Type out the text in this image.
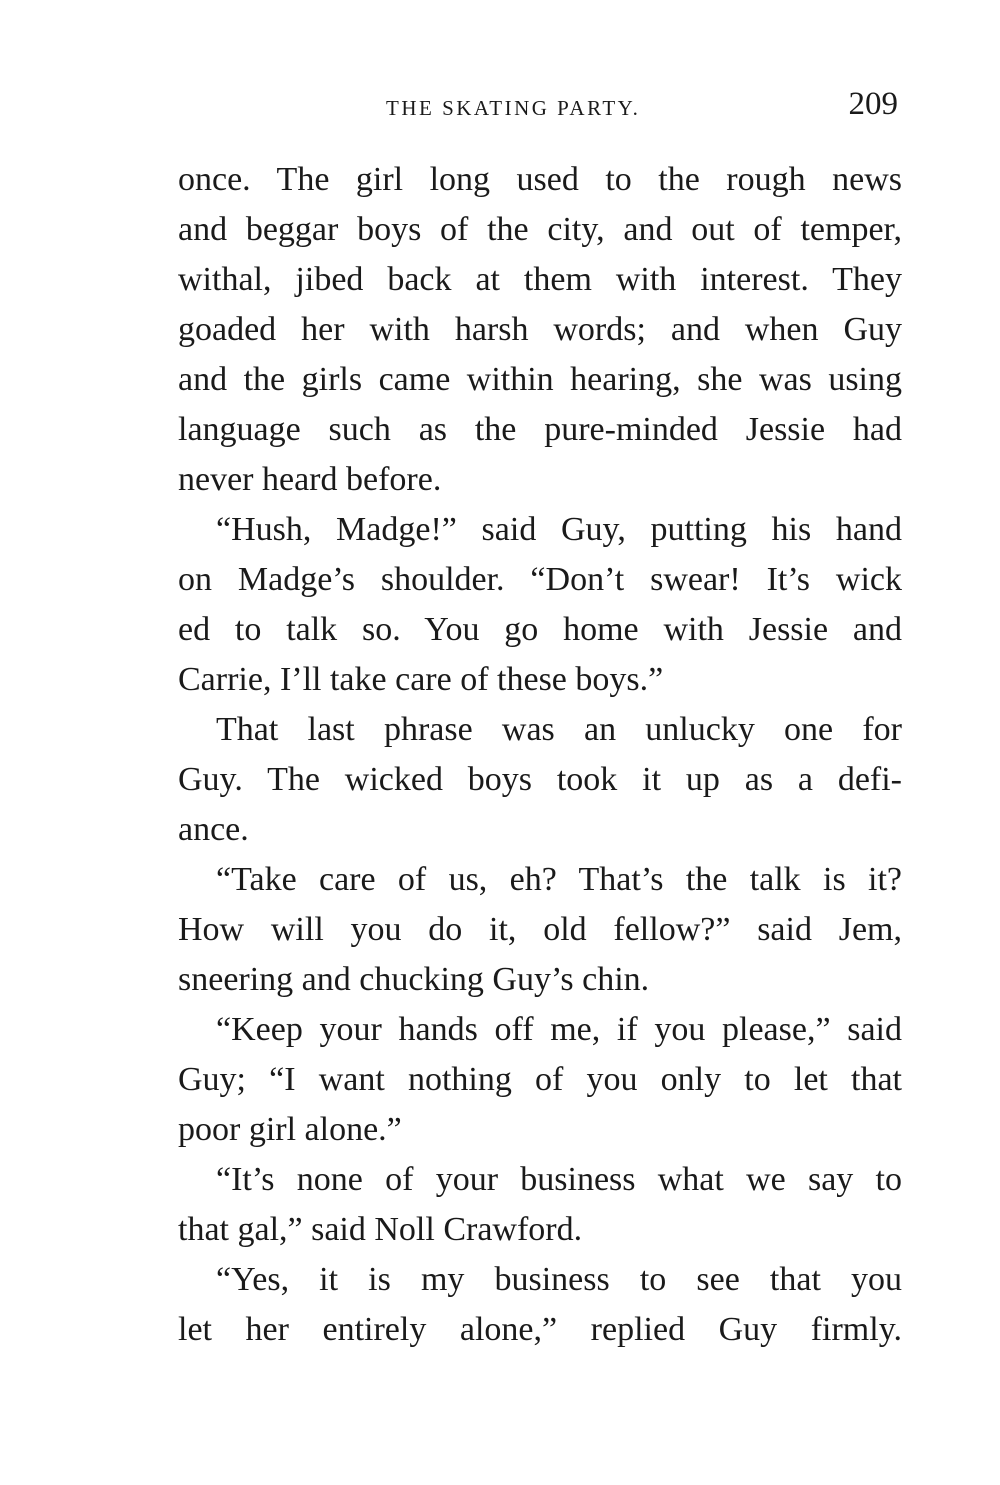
THE SKATING PARTY.	209
once. The girl long used to the rough news
and beggar boys of the city, and out of temper,
withal, jibed back at them with interest. They
goaded her with harsh words; and when Guy
and the girls came within hearing, she was using
language such as the pure-minded Jessie had
never heard before.
“Hush, Madge!” said Guy, putting his hand
on Madge’s shoulder. “Don’t swear! It’s wick
ed to talk so. You go home with Jessie and
Carrie, I’ll take care of these boys.”
That last phrase was an unlucky one for
Guy. The wicked boys took it up as a defi-
ance.
“Take care of us, eh? That’s the talk is it?
How will you do it, old fellow?” said Jem,
sneering and chucking Guy’s chin.
“Keep your hands off me, if you please,” said
Guy; “I want nothing of you only to let that
poor girl alone.”
“It’s none of your business what we say to
that gal,” said Noll Crawford.
“Yes, it is my business to see that you
let her entirely alone,” replied Guy firmly.
